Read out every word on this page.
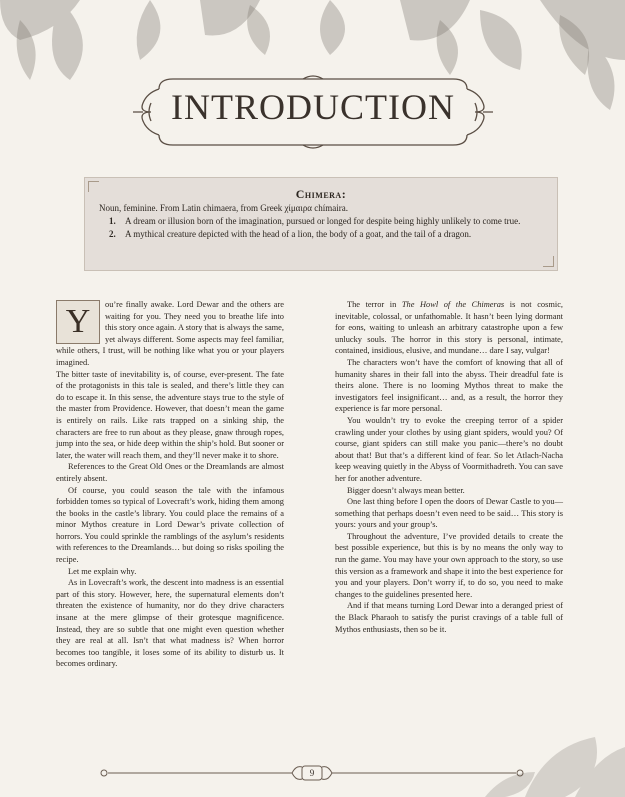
INTRODUCTION
Chimera:
Noun, feminine. From Latin chimaera, from Greek χίμαιρα chímaira.
1. A dream or illusion born of the imagination, pursued or longed for despite being highly unlikely to come true.
2. A mythical creature depicted with the head of a lion, the body of a goat, and the tail of a dragon.

Y	ou’re finally awake. Lord Dewar and the others are waiting for you. They need you to breathe life into this story once again. A story that is always the same, yet always different. Some aspects may feel familiar, while others, I trust, will be nothing like what you or your players imagined.

The bitter taste of inevitability is, of course, ever-present. The fate of the protagonists in this tale is sealed, and there’s little they can do to escape it. In this sense, the adventure stays true to the style of the master from Providence. However, that doesn’t mean the game is entirely on rails. Like rats trapped on a sinking ship, the characters are free to run about as they please, gnaw through ropes, jump into the sea, or hide deep within the ship’s hold. But sooner or later, the water will reach them, and they’ll never make it to shore.

References to the Great Old Ones or the Dreamlands are almost entirely absent.

Of course, you could season the tale with the infamous forbidden tomes so typical of Lovecraft’s work, hiding them among the books in the castle’s library. You could place the remains of a minor Mythos creature in Lord Dewar’s private collection of horrors. You could sprinkle the ramblings of the asylum’s residents with references to the Dreamlands… but doing so risks spoiling the recipe.

Let me explain why.

As in Lovecraft’s work, the descent into madness is an essential part of this story. However, here, the supernatural elements don’t threaten the existence of humanity, nor do they drive characters insane at the mere glimpse of their grotesque magnificence. Instead, they are so subtle that one might even question whether they are real at all. Isn’t that what madness is? When horror becomes too tangible, it loses some of its ability to disturb us. It becomes ordinary.

The terror in The Howl of the Chimeras is not cosmic, inevitable, colossal, or unfathomable. It hasn’t been lying dormant for eons, waiting to unleash an arbitrary catastrophe upon a few unlucky souls. The horror in this story is personal, intimate, contained, insidious, elusive, and mundane… dare I say, vulgar!

The characters won’t have the comfort of knowing that all of humanity shares in their fall into the abyss. Their dreadful fate is theirs alone. There is no looming Mythos threat to make the investigators feel insignificant… and, as a result, the horror they experience is far more personal.

You wouldn’t try to evoke the creeping terror of a spider crawling under your clothes by using giant spiders, would you? Of course, giant spiders can still make you panic—there’s no doubt about that! But that’s a different kind of fear. So let Atlach-Nacha keep weaving quietly in the Abyss of Voormithadreth. You can save her for another adventure.

Bigger doesn’t always mean better.

One last thing before I open the doors of Dewar Castle to you—something that perhaps doesn’t even need to be said… This story is yours: yours and your group’s.

Throughout the adventure, I’ve provided details to create the best possible experience, but this is by no means the only way to run the game. You may have your own approach to the story, so use this version as a framework and shape it into the best experience for you and your players. Don’t worry if, to do so, you need to make changes to the guidelines presented here.

And if that means turning Lord Dewar into a deranged priest of the Black Pharaoh to satisfy the purist cravings of a table full of Mythos enthusiasts, then so be it.

9
